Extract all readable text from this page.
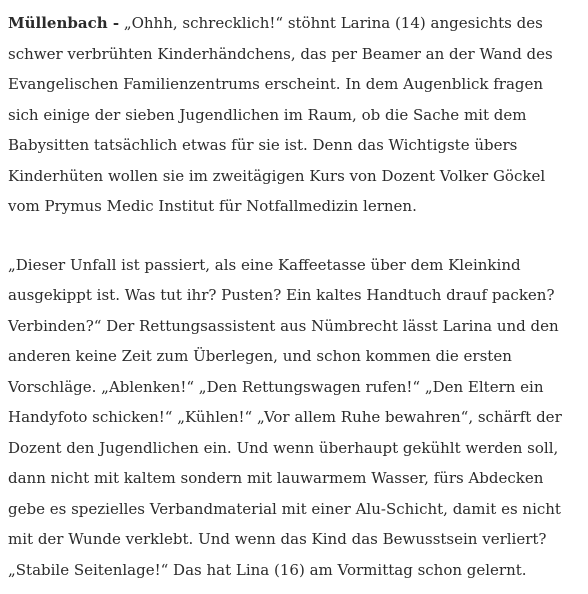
Müllenbach - „Ohhh, schrecklich!“ stöhnt Larina (14) angesichts des schwer verbrühten Kinderhändchens, das per Beamer an der Wand des Evangelischen Familienzentrums erscheint. In dem Augenblick fragen sich einige der sieben Jugendlichen im Raum, ob die Sache mit dem Babysitten tatsächlich etwas für sie ist. Denn das Wichtigste übers Kinderhüten wollen sie im zweitägigen Kurs von Dozent Volker Göckel vom Prymus Medic Institut für Notfallmedizin lernen.

„Dieser Unfall ist passiert, als eine Kaffeetasse über dem Kleinkind ausgekippt ist. Was tut ihr? Pusten? Ein kaltes Handtuch drauf packen? Verbinden?“ Der Rettungsassistent aus Nümbrecht lässt Larina und den anderen keine Zeit zum Überlegen, und schon kommen die ersten Vorschläge. „Ablenken!“ „Den Rettungswagen rufen!“ „Den Eltern ein Handyfoto schicken!“ „Kühlen!“ „Vor allem Ruhe bewahren“, schärft der Dozent den Jugendlichen ein. Und wenn überhaupt gekühlt werden soll, dann nicht mit kaltem sondern mit lauwarmem Wasser, fürs Abdecken gebe es spezielles Verbandmaterial mit einer Alu-Schicht, damit es nicht mit der Wunde verklebt. Und wenn das Kind das Bewusstsein verliert? „Stabile Seitenlage!“ Das hat Lina (16) am Vormittag schon gelernt.
